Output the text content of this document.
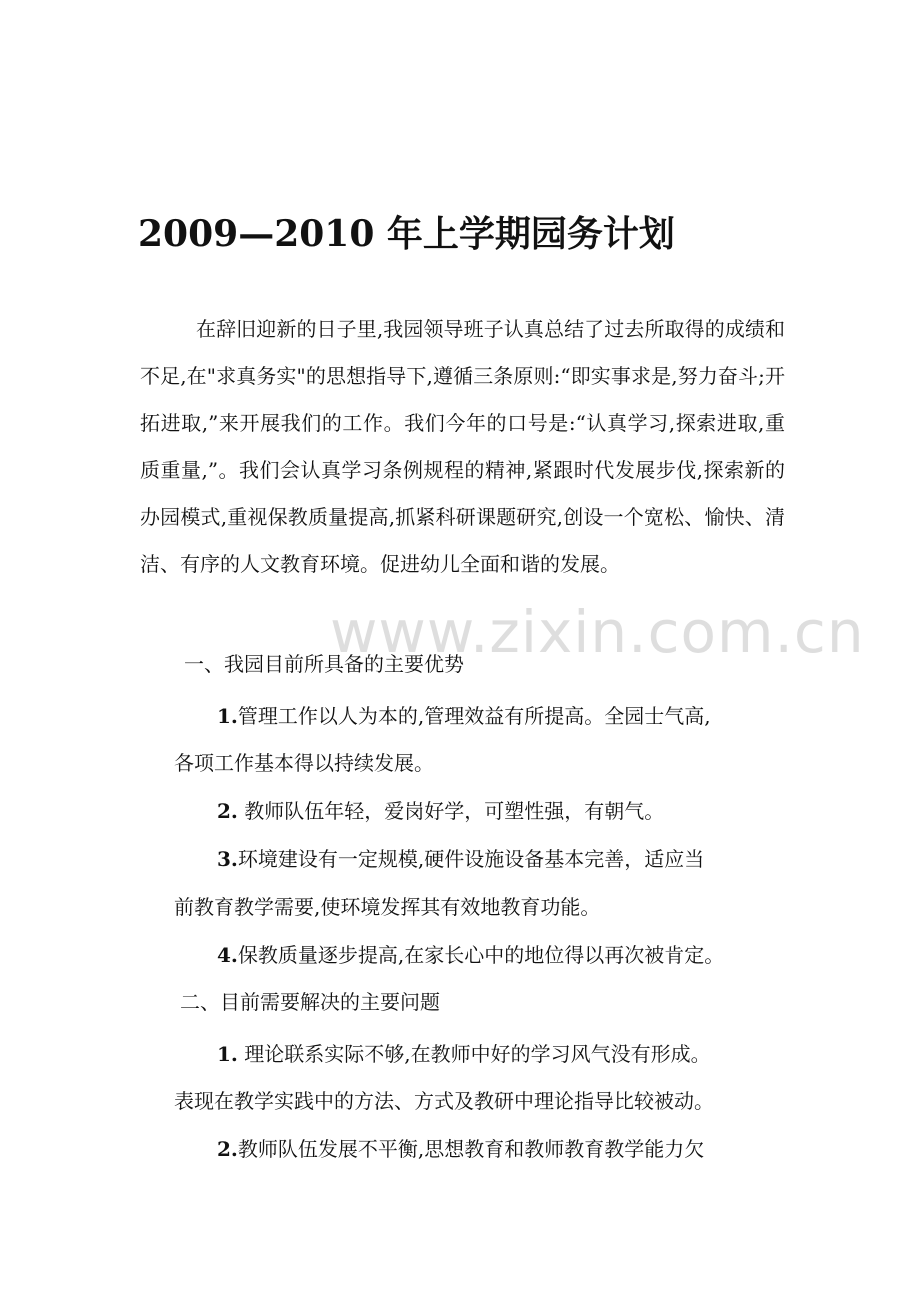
2009—2010 年上学期园务计划

在辞旧迎新的日子里,我园领导班子认真总结了过去所取得的成绩和不足,在"求真务实"的思想指导下,遵循三条原则:“即实事求是,努力奋斗;开拓进取,”来开展我们的工作。我们今年的口号是:“认真学习,探索进取,重质重量,”。我们会认真学习条例规程的精神,紧跟时代发展步伐,探索新的办园模式,重视保教质量提高,抓紧科研课题研究,创设一个宽松、愉快、清洁、有序的人文教育环境。促进幼儿全面和谐的发展。

www.zixin.com.cn

一、我园目前所具备的主要优势

1.管理工作以人为本的,管理效益有所提高。全园士气高,

各项工作基本得以持续发展。

2. 教师队伍年轻，爱岗好学，可塑性强，有朝气。

3.环境建设有一定规模,硬件设施设备基本完善，适应当

前教育教学需要,使环境发挥其有效地教育功能。

4.保教质量逐步提高,在家长心中的地位得以再次被肯定。

二、目前需要解决的主要问题

1. 理论联系实际不够,在教师中好的学习风气没有形成。

表现在教学实践中的方法、方式及教研中理论指导比较被动。

2.教师队伍发展不平衡,思想教育和教师教育教学能力欠
